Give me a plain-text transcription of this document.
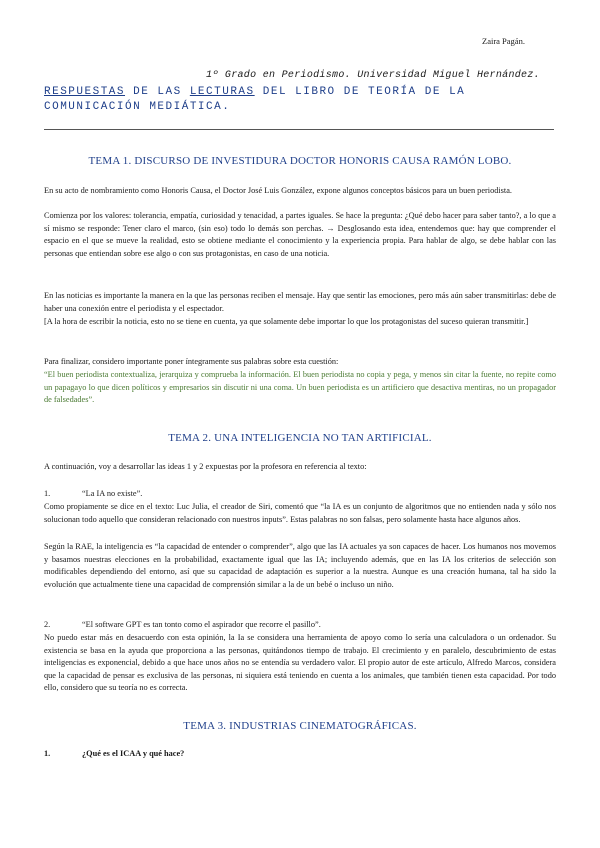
Zaira Pagán.
1º Grado en Periodismo. Universidad Miguel Hernández.
RESPUESTAS DE LAS LECTURAS DEL LIBRO DE TEORÍA DE LA COMUNICACIÓN MEDIÁTICA.
TEMA 1. DISCURSO DE INVESTIDURA DOCTOR HONORIS CAUSA RAMÓN LOBO.

En su acto de nombramiento como Honoris Causa, el Doctor José Luis González, expone algunos conceptos básicos para un buen periodista.

Comienza por los valores: tolerancia, empatía, curiosidad y tenacidad, a partes iguales. Se hace la pregunta: ¿Qué debo hacer para saber tanto?, a lo que a sí mismo se responde: Tener claro el marco, (sin eso) todo lo demás son perchas. → Desglosando esta idea, entendemos que: hay que comprender el espacio en el que se mueve la realidad, esto se obtiene mediante el conocimiento y la experiencia propia. Para hablar de algo, se debe hablar con las personas que entiendan sobre ese algo o con sus protagonistas, en caso de una noticia.

En las noticias es importante la manera en la que las personas reciben el mensaje. Hay que sentir las emociones, pero más aún saber transmitirlas: debe de haber una conexión entre el periodista y el espectador.

[A la hora de escribir la noticia, esto no se tiene en cuenta, ya que solamente debe importar lo que los protagonistas del suceso quieran transmitir.]

Para finalizar, considero importante poner íntegramente sus palabras sobre esta cuestión:

“El buen periodista contextualiza, jerarquiza y comprueba la información. El buen periodista no copia y pega, y menos sin citar la fuente, no repite como un papagayo lo que dicen políticos y empresarios sin discutir ni una coma. Un buen periodista es un artificiero que desactiva mentiras, no un propagador de falsedades”.

TEMA 2. UNA INTELIGENCIA NO TAN ARTIFICIAL.

A continuación, voy a desarrollar las ideas 1 y 2 expuestas por la profesora en referencia al texto:

1.	“La IA no existe”.

Como propiamente se dice en el texto: Luc Julia, el creador de Siri, comentó que “la IA es un conjunto de algoritmos que no entienden nada y sólo nos solucionan todo aquello que consideran relacionado con nuestros inputs”. Estas palabras no son falsas, pero solamente hasta hace algunos años.

Según la RAE, la inteligencia es “la capacidad de entender o comprender”, algo que las IA actuales ya son capaces de hacer. Los humanos nos movemos y basamos nuestras elecciones en la probabilidad, exactamente igual que las IA; incluyendo además, que en las IA los criterios de selección son modificables dependiendo del entorno, así que su capacidad de adaptación es superior a la nuestra. Aunque es una creación humana, tal ha sido la evolución que actualmente tiene una capacidad de comprensión similar a la de un bebé o incluso un niño.

2.	“El software GPT es tan tonto como el aspirador que recorre el pasillo”.

No puedo estar más en desacuerdo con esta opinión, la Ia se considera una herramienta de apoyo como lo sería una calculadora o un ordenador. Su existencia se basa en la ayuda que proporciona a las personas, quitándonos tiempo de trabajo. El crecimiento y en paralelo, descubrimiento de estas inteligencias es exponencial, debido a que hace unos años no se entendía su verdadero valor. El propio autor de este artículo, Alfredo Marcos, considera que la capacidad de pensar es exclusiva de las personas, ni siquiera está teniendo en cuenta a los animales, que también tienen esta capacidad. Por todo ello, considero que su teoría no es correcta.

TEMA 3. INDUSTRIAS CINEMATOGRÁFICAS.

1.	¿Qué es el ICAA y qué hace?
